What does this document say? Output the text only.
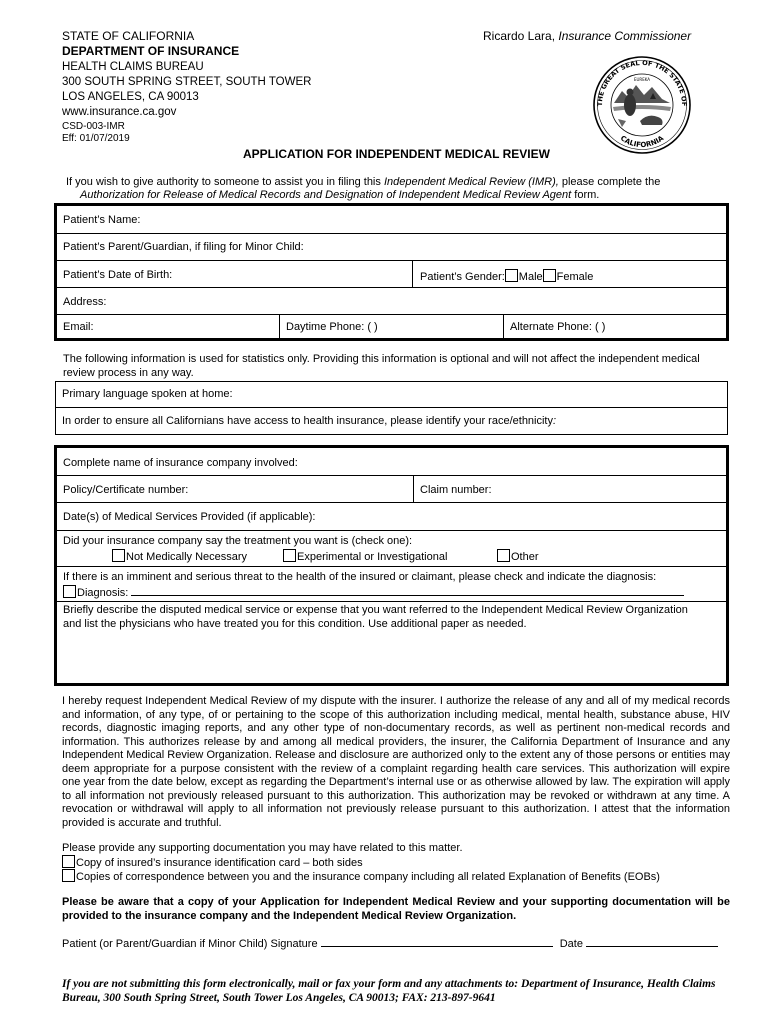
STATE OF CALIFORNIA
DEPARTMENT OF INSURANCE
HEALTH CLAIMS BUREAU
300 SOUTH SPRING STREET, SOUTH TOWER
LOS ANGELES, CA 90013
www.insurance.ca.gov
CSD-003-IMR
Eff: 01/07/2019
Ricardo Lara, Insurance Commissioner
THE GREAT SEAL OF THE STATE OF
CALIFORNIA
EUREKA
APPLICATION FOR INDEPENDENT MEDICAL REVIEW
If you wish to give authority to someone to assist you in filing this Independent Medical Review (IMR), please complete the
Authorization for Release of Medical Records and Designation of Independent Medical Review Agent form.
Patient’s Name:
Patient’s Parent/Guardian, if filing for Minor Child:
Patient’s Date of Birth:	Patient’s Gender: Male Female
Address:
Email:	Daytime Phone: ( )	Alternate Phone: ( )
The following information is used for statistics only. Providing this information is optional and will not affect the independent medical
review process in any way.
Primary language spoken at home:
In order to ensure all Californians have access to health insurance, please identify your race/ethnicity:
Complete name of insurance company involved:
Policy/Certificate number:	Claim number:
Date(s) of Medical Services Provided (if applicable):
Did your insurance company say the treatment you want is (check one):
Not Medically Necessary	Experimental or Investigational	Other
If there is an imminent and serious threat to the health of the insured or claimant, please check and indicate the diagnosis:
Diagnosis:
Briefly describe the disputed medical service or expense that you want referred to the Independent Medical Review Organization
and list the physicians who have treated you for this condition. Use additional paper as needed.
I hereby request Independent Medical Review of my dispute with the insurer. I authorize the release of any and all of my medical records and information, of any type, of or pertaining to the scope of this authorization including medical, mental health, substance abuse, HIV records, diagnostic imaging reports, and any other type of non-documentary records, as well as pertinent non-medical records and information. This authorizes release by and among all medical providers, the insurer, the California Department of Insurance and any Independent Medical Review Organization. Release and disclosure are authorized only to the extent any of those persons or entities may deem appropriate for a purpose consistent with the review of a complaint regarding health care services. This authorization will expire one year from the date below, except as regarding the Department’s internal use or as otherwise allowed by law. The expiration will apply to all information not previously released pursuant to this authorization. This authorization may be revoked or withdrawn at any time. A revocation or withdrawal will apply to all information not previously release pursuant to this authorization. I attest that the information provided is accurate and truthful.
Please provide any supporting documentation you may have related to this matter.
Copy of insured’s insurance identification card – both sides
Copies of correspondence between you and the insurance company including all related Explanation of Benefits (EOBs)
Please be aware that a copy of your Application for Independent Medical Review and your supporting documentation will be provided to the insurance company and the Independent Medical Review Organization.
Patient (or Parent/Guardian if Minor Child) Signature	Date
If you are not submitting this form electronically, mail or fax your form and any attachments to: Department of Insurance, Health Claims
Bureau, 300 South Spring Street, South Tower Los Angeles, CA 90013; FAX: 213-897-9641
